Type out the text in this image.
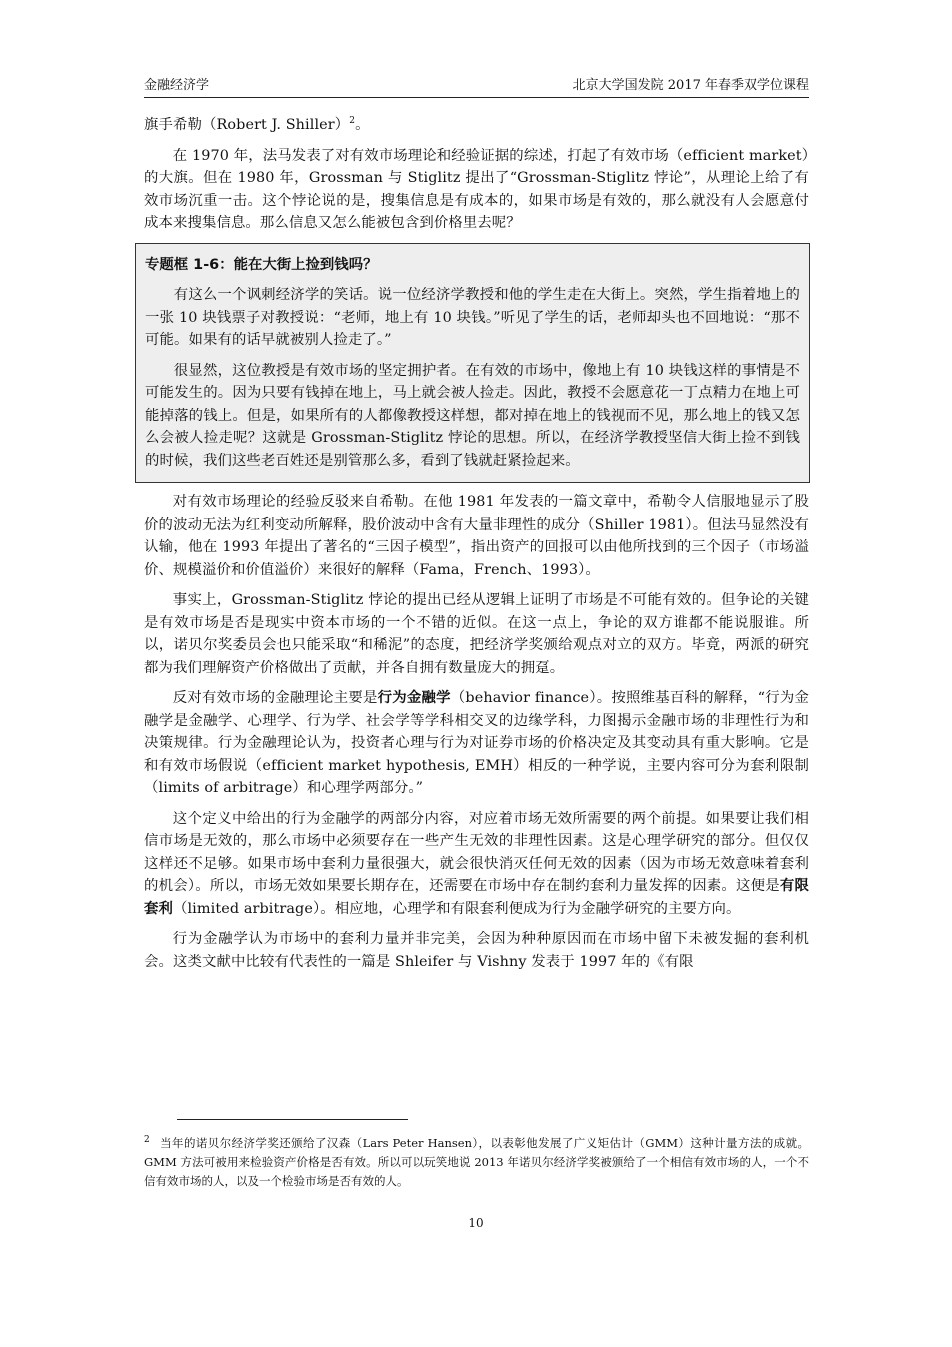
金融经济学	北京大学国发院 2017 年春季双学位课程

旗手希勒（Robert J. Shiller）$^2$。

在 1970 年，法马发表了对有效市场理论和经验证据的综述，打起了有效市场（efficient market）的大旗。但在 1980 年，Grossman 与 Stiglitz 提出了“Grossman-Stiglitz 悖论”，从理论上给了有效市场沉重一击。这个悖论说的是，搜集信息是有成本的，如果市场是有效的，那么就没有人会愿意付成本来搜集信息。那么信息又怎么能被包含到价格里去呢？

专题框 1-6：能在大街上捡到钱吗？

有这么一个讽刺经济学的笑话。说一位经济学教授和他的学生走在大街上。突然，学生指着地上的一张 10 块钱票子对教授说：“老师，地上有 10 块钱。”听见了学生的话，老师却头也不回地说：“那不可能。如果有的话早就被别人捡走了。”

很显然，这位教授是有效市场的坚定拥护者。在有效的市场中，像地上有 10 块钱这样的事情是不可能发生的。因为只要有钱掉在地上，马上就会被人捡走。因此，教授不会愿意花一丁点精力在地上可能掉落的钱上。但是，如果所有的人都像教授这样想，都对掉在地上的钱视而不见，那么地上的钱又怎么会被人捡走呢？这就是 Grossman-Stiglitz 悖论的思想。所以，在经济学教授坚信大街上捡不到钱的时候，我们这些老百姓还是别管那么多，看到了钱就赶紧捡起来。

对有效市场理论的经验反驳来自希勒。在他 1981 年发表的一篇文章中，希勒令人信服地显示了股价的波动无法为红利变动所解释，股价波动中含有大量非理性的成分（Shiller 1981）。但法马显然没有认输，他在 1993 年提出了著名的“三因子模型”，指出资产的回报可以由他所找到的三个因子（市场溢价、规模溢价和价值溢价）来很好的解释（Fama，French、1993）。

事实上，Grossman-Stiglitz 悖论的提出已经从逻辑上证明了市场是不可能有效的。但争论的关键是有效市场是否是现实中资本市场的一个不错的近似。在这一点上，争论的双方谁都不能说服谁。所以，诺贝尔奖委员会也只能采取“和稀泥”的态度，把经济学奖颁给观点对立的双方。毕竟，两派的研究都为我们理解资产价格做出了贡献，并各自拥有数量庞大的拥趸。

反对有效市场的金融理论主要是行为金融学（behavior finance）。按照维基百科的解释，“行为金融学是金融学、心理学、行为学、社会学等学科相交叉的边缘学科，力图揭示金融市场的非理性行为和决策规律。行为金融理论认为，投资者心理与行为对证券市场的价格决定及其变动具有重大影响。它是和有效市场假说（efficient market hypothesis, EMH）相反的一种学说，主要内容可分为套利限制（limits of arbitrage）和心理学两部分。”

这个定义中给出的行为金融学的两部分内容，对应着市场无效所需要的两个前提。如果要让我们相信市场是无效的，那么市场中必须要存在一些产生无效的非理性因素。这是心理学研究的部分。但仅仅这样还不足够。如果市场中套利力量很强大，就会很快消灭任何无效的因素（因为市场无效意味着套利的机会）。所以，市场无效如果要长期存在，还需要在市场中存在制约套利力量发挥的因素。这便是有限套利（limited arbitrage）。相应地，心理学和有限套利便成为行为金融学研究的主要方向。

行为金融学认为市场中的套利力量并非完美，会因为种种原因而在市场中留下未被发掘的套利机会。这类文献中比较有代表性的一篇是 Shleifer 与 Vishny 发表于 1997 年的《有限

$^2$ 当年的诺贝尔经济学奖还颁给了汉森（Lars Peter Hansen），以表彰他发展了广义矩估计（GMM）这种计量方法的成就。GMM 方法可被用来检验资产价格是否有效。所以可以玩笑地说 2013 年诺贝尔经济学奖被颁给了一个相信有效市场的人，一个不信有效市场的人，以及一个检验市场是否有效的人。
10
